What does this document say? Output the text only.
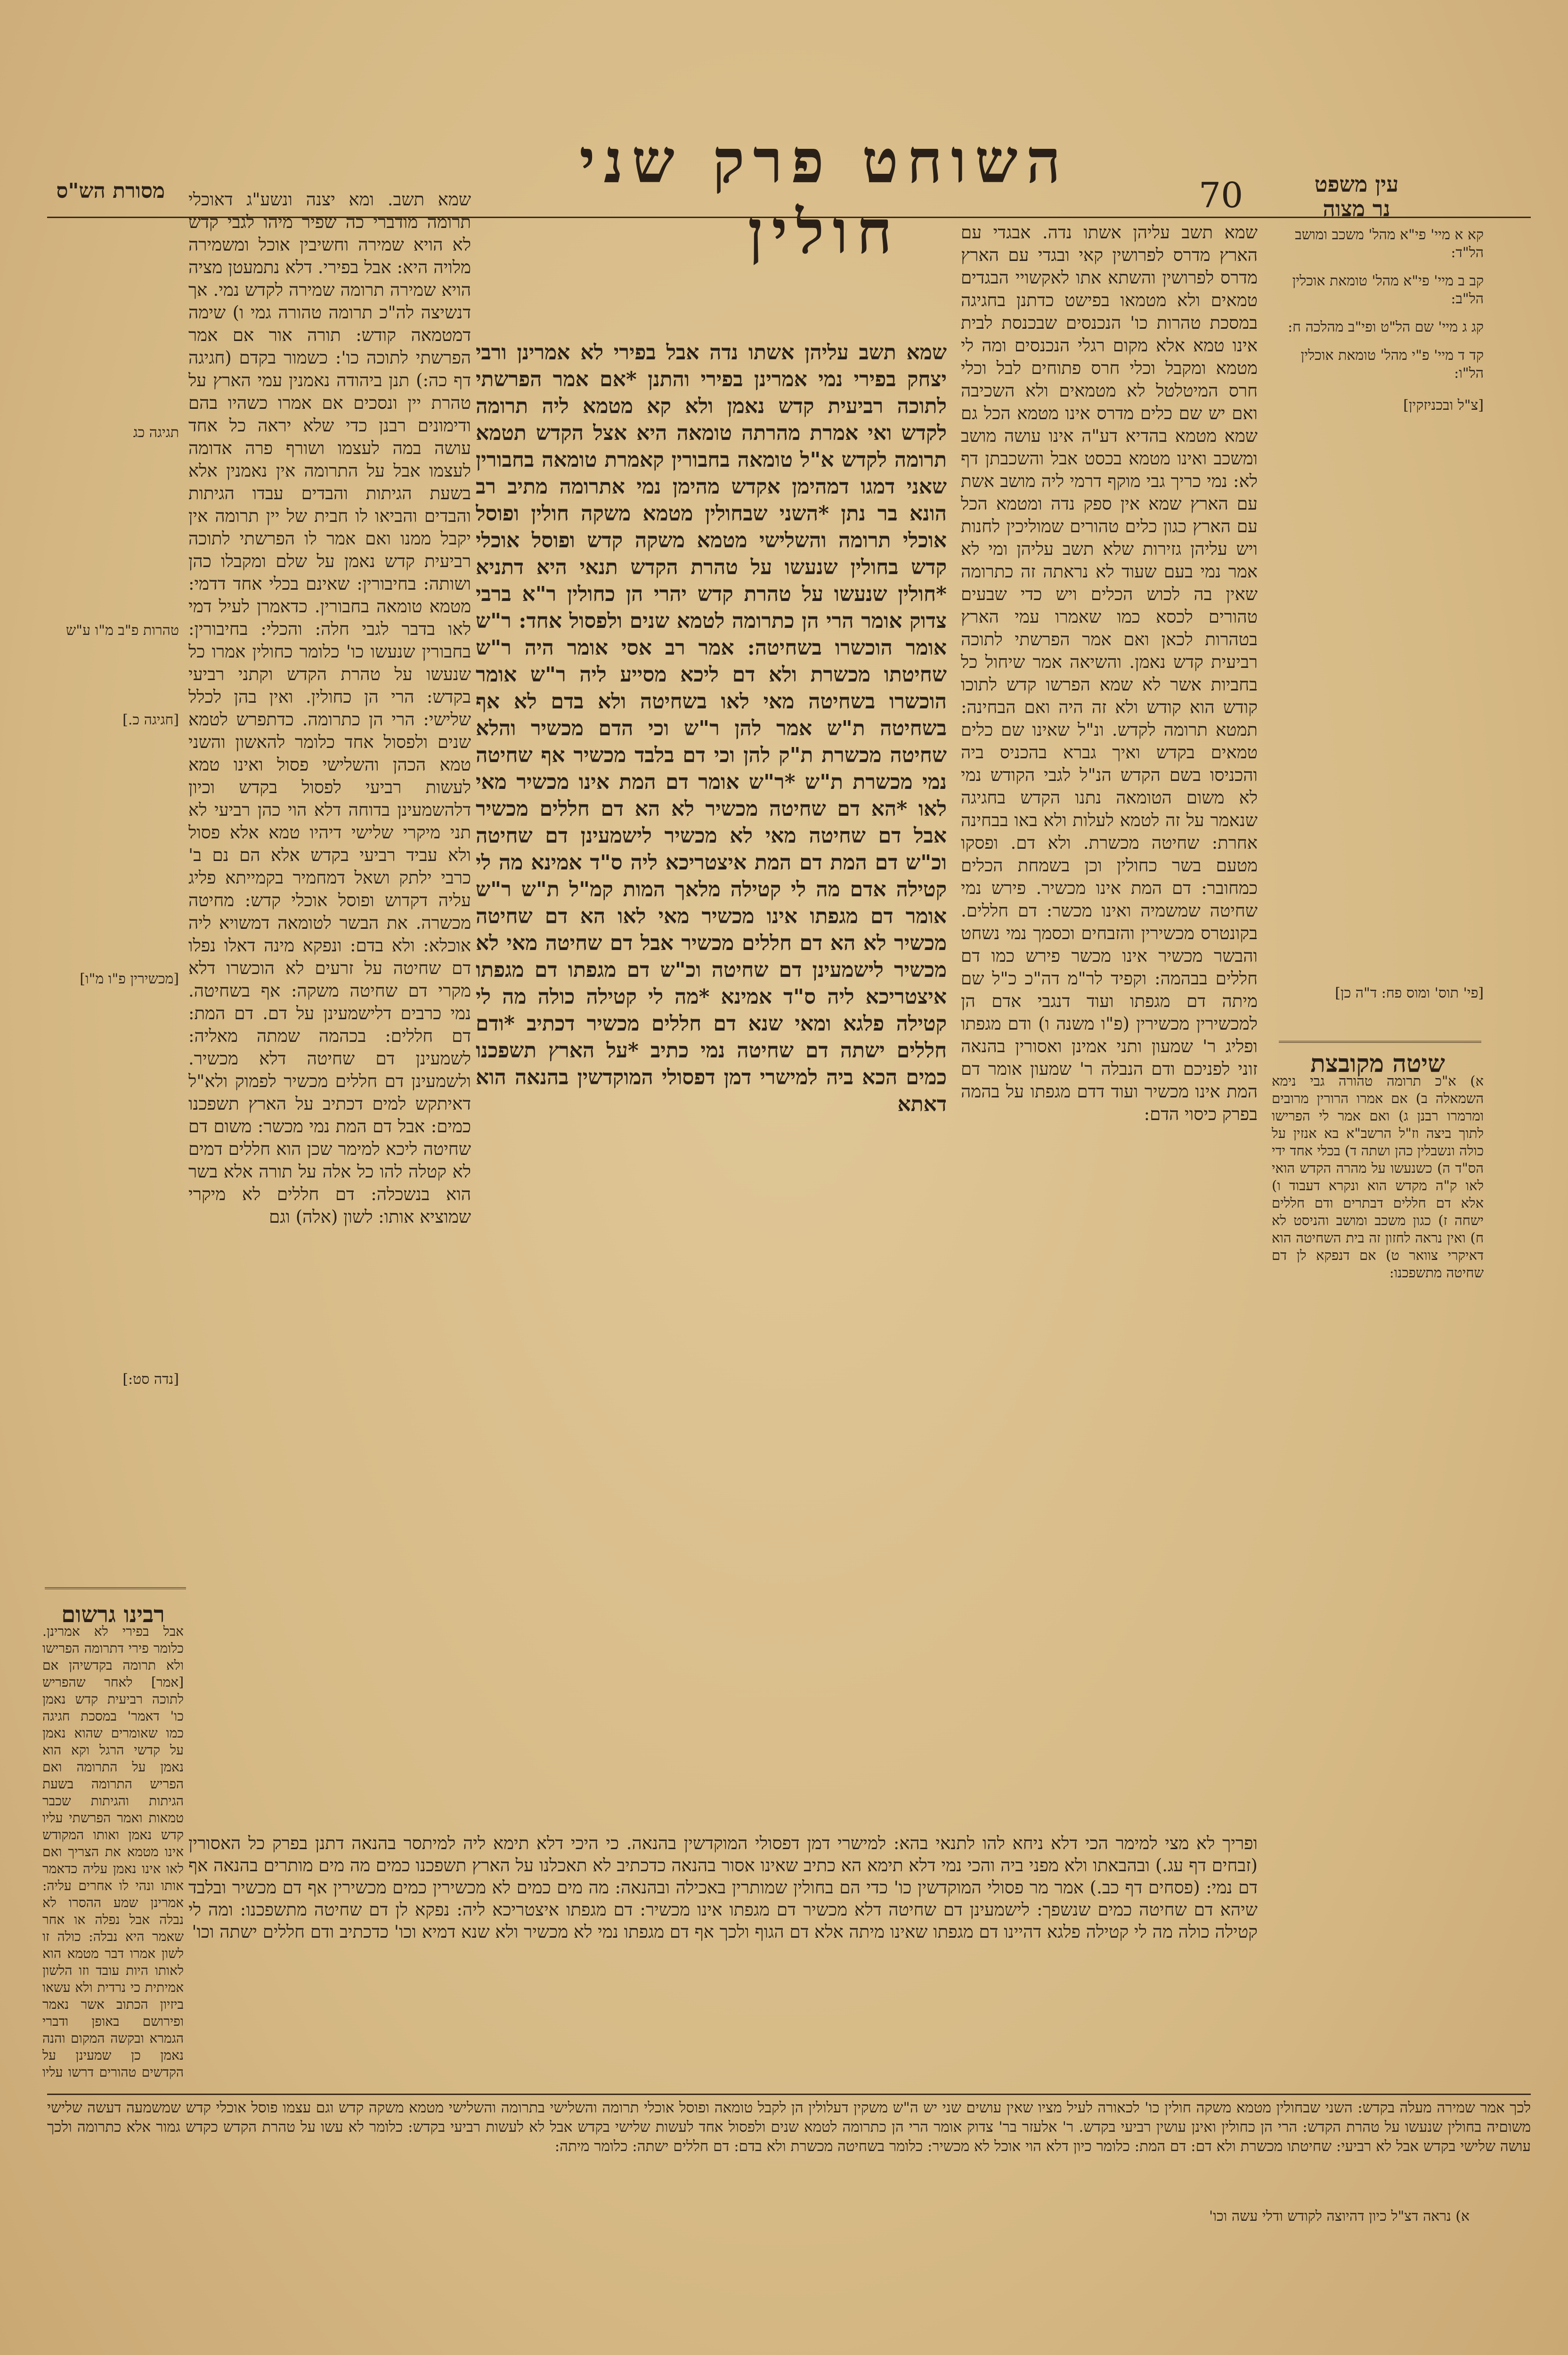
מסורת הש"ס	השוחט פרק שני חולין
70	עין משפט
נר מצוה
קא א מיי' פי"א מהל' משכב ומושב הל"ד:
קב ב מיי' פי"א מהל' טומאת אוכלין הל"ב:
קג ג מיי' שם הל"ט ופי"ב מהלכה ח:
קד ד מיי' פ"י מהל' טומאת אוכלין הל"ו:
[צ"ל ובכניזקין]
[פי' תוס' ומוס פח: ד"ה כן]
שיטה מקובצת
א) א"כ תרומה טהורה גבי נימא השמאלה ב) אם אמרו הרורין מרובים ומרמרו רבנן ג) ואם אמר לי הפרישו לתוך ביצה וז"ל הרשב"א בא אנזין על כולה ונשבלין כהן ושתה ד) בכלי אחד ידי הס"ד ה) כשנעשו על מהרה הקדש הואי לאו ק"ה מקדש הוא ונקרא דעבוד ו) אלא דם חללים דבתרים ודם חללים ישחה ז) כגון משכב ומושב והניסט לא ח) ואין נראה לחזון זה בית השחיטה הוא דאיקרי צוואר ט) אם דנפקא לן דם שחיטה מתשפכנו:
שמא תשב עליהן אשתו נדה. אבגדי עם הארץ מדרס לפרושין קאי ובגדי עם הארץ מדרס לפרושין והשתא אתו לאקשויי הבגדים טמאים ולא מטמאו בפישט כדתנן בחגיגה במסכת טהרות כו' הנכנסים שבכנסת לבית אינו טמא אלא מקום רגלי הנכנסים ומה לי מטמא ומקבל וכלי חרס פתוחים לבל וכלי חרס המיטלטל לא מטמאים ולא השכיבה ואם יש שם כלים מדרס אינו מטמא הכל גם שמא מטמא בהדיא דע"ה אינו עושה מושב ומשכב ואינו מטמא בכסט אבל והשכבתן דף לא: נמי כריך גבי מוקף דרמי ליה מושב אשת עם הארץ שמא אין ספק נדה ומטמא הכל עם הארץ כגון כלים טהורים שמוליכין לחנות ויש עליהן גזירות שלא תשב עליהן ומי לא אמר נמי בעם שעוד לא נראתה זה כתרומה שאין בה לכוש הכלים ויש כדי שבעים טהורים לכסא כמו שאמרו עמי הארץ בטהרות לכאן ואם אמר הפרשתי לתוכה רביעית קדש נאמן. והשיאה אמר שיחול כל בחביות אשר לא שמא הפרשו קדש לתוכו קודש הוא קודש ולא זה היה ואם הבחינה: תמטא תרומה לקדש. ונ"ל שאינו שם כלים טמאים בקדש ואיך גברא בהכניס ביה והכניסו בשם הקדש הנ"ל לגבי הקודש נמי לא משום הטומאה נתנו הקדש בחגיגה שנאמר על זה לטמא לעלות ולא באו בבחינה אחרת: שחיטה מכשרת. ולא דם. ופסקו מטעם בשר כחולין וכן בשמחת הכלים כמחובר: דם המת אינו מכשיר. פירש נמי שחיטה שמשמיה ואינו מכשר: דם חללים. בקונטרס מכשירין והזבחים וכסמך נמי נשחט והבשר מכשיר אינו מכשר פירש כמו דם חללים בבהמה: וקפיד לר"מ דה"כ כ"ל שם מיתה דם מגפתו ועוד דנגבי אדם הן למכשירין מכשירין (פ"ו משנה ו) ודם מגפתו ופליג ר' שמעון ותני אמינן ואסורין בהנאה זוני לפניכם ודם הנבלה ר' שמעון אומר דם המת אינו מכשיר ועוד דדם מגפתו על בהמה בפרק כיסוי הדם:
שמא תשב עליהן אשתו נדה אבל בפירי לא אמרינן ורבי יצחק בפירי נמי אמרינן בפירי והתנן *אם אמר הפרשתי לתוכה רביעית קדש נאמן ולא קא מטמא ליה תרומה לקדש ואי אמרת מהרתה טומאה היא אצל הקדש תטמא תרומה לקדש א"ל טומאה בחבורין קאמרת טומאה בחבורין שאני דמגו דמהימן אקדש מהימן נמי אתרומה מתיב רב הונא בר נתן *השני שבחולין מטמא משקה חולין ופוסל אוכלי תרומה והשלישי מטמא משקה קדש ופוסל אוכלי קדש בחולין שנעשו על טהרת הקדש תנאי היא דתניא *חולין שנעשו על טהרת קדש יהרי הן כחולין ר"א ברבי צדוק אומר הרי הן כתרומה לטמא שנים ולפסול אחד: ר"ש אומר הוכשרו בשחיטה: אמר רב אסי אומר היה ר"ש שחיטתו מכשרת ולא דם ליכא מסייע ליה ר"ש אומר הוכשרו בשחיטה מאי לאו בשחיטה ולא בדם לא אף בשחיטה ת"ש אמר להן ר"ש וכי הדם מכשיר והלא שחיטה מכשרת ת"ק להן וכי דם בלבד מכשיר אף שחיטה נמי מכשרת ת"ש *ר"ש אומר דם המת אינו מכשיר מאי לאו *הא דם שחיטה מכשיר לא הא דם חללים מכשיר אבל דם שחיטה מאי לא מכשיר לישמעינן דם שחיטה וכ"ש דם המת דם המת איצטריכא ליה ס"ד אמינא מה לי קטילה אדם מה לי קטילה מלאך המות קמ"ל ת"ש ר"ש אומר דם מגפתו אינו מכשיר מאי לאו הא דם שחיטה מכשיר לא הא דם חללים מכשיר אבל דם שחיטה מאי לא מכשיר לישמעינן דם שחיטה וכ"ש דם מגפתו דם מגפתו איצטריכא ליה ס"ד אמינא *מה לי קטילה כולה מה לי קטילה פלגא ומאי שנא דם חללים מכשיר דכתיב *ודם חללים ישתה דם שחיטה נמי כתיב *על הארץ תשפכנו כמים הכא ביה למישרי דמן דפסולי המוקדשין בהנאה הוא דאתא
שמא תשב. ומא יצנה ונשע"ג דאוכלי תרומה מודברי כה שפיר מיהו לגבי קדש לא הויא שמירה וחשיבין אוכל ומשמירה מלויה היא: אבל בפירי. דלא נתמעטן מציה הויא שמירה תרומה שמירה לקדש נמי. אך דנשיצה לה"כ תרומה טהורה גמי ו) שימה דמטמאה קודש: תורה אור אם אמר הפרשתי לתוכה כו': כשמור בקדם (חגיגה דף כה:) תנן ביהודה נאמנין עמי הארץ על טהרת יין ונסכים אם אמרו כשהיו בהם ודימונים רבנן כדי שלא יראה כל אחד עושה במה לעצמו ושורף פרה אדומה לעצמו אבל על התרומה אין נאמנין אלא בשעת הגיתות והבדים עבדו הגיתות והבדים והביאו לו חבית של יין תרומה אין יקבל ממנו ואם אמר לו הפרשתי לתוכה רביעית קדש נאמן על שלם ומקבלו כהן ושותה: בחיבורין: שאינם בכלי אחד דדמי: מטמא טומאה בחבורין. כדאמרן לעיל דמי לאו בדבר לגבי חלה: והכלי: בחיבורין: בחבורין שנעשו כו' כלומר כחולין אמרו כל שנעשו על טהרת הקדש וקתני רביעי בקדש: הרי הן כחולין. ואין בהן לכלל שלישי: הרי הן כתרומה. כדתפרש לטמא שנים ולפסול אחד כלומר להאשון והשני טמא הכהן והשלישי פסול ואינו טמא לעשות רביעי לפסול בקדש וכיון דלהשמעינן בדוחה דלא הוי כהן רביעי לא תני מיקרי שלישי דיהיו טמא אלא פסול ולא עביד רביעי בקדש אלא הם נם ב' כרבי ילתק ושאל דמחמיר בקמייתא פליג עליה דקדוש ופוסל אוכלי קדש: מחיטה מכשרה. את הבשר לטומאה דמשויא ליה אוכלא: ולא בדם: ונפקא מינה דאלו נפלו דם שחיטה על זרעים לא הוכשרו דלא מקרי דם שחיטה משקה: אף בשחיטה. נמי כרבים דלישמעינן על דם. דם המת: דם חללים: בכהמה שמתה מאליה: לשמעינן דם שחיטה דלא מכשיר. ולשמעינן דם חללים מכשיר לפמוק ולא"ל דאיתקש למים דכתיב על הארץ תשפכנו כמים: אבל דם המת נמי מכשר: משום דם שחיטה ליכא למימר שכן הוא חללים דמים לא קטלה להו כל אלה על תורה אלא בשר הוא בנשכלה: דם חללים לא מיקרי שמוציא אותו: לשון (אלה) וגם
תגיגה כג
טהרות פ"ב מ"ו ע"ש
[חגיגה כ.]
[מכשירין פ"ו מ"ו]
[נדה סט:]
רבינו גרשום
אבל בפירי לא אמרינן. כלומר פירי דתרומה הפרישו ולא תרומה בקדשיהן אם [אמר] לאחר שהפריש לתוכה רביעית קדש נאמן כו' דאמר' במסכת חגיגה כמו שאומרים שהוא נאמן על קדשי הרגל וקא הוא נאמן על התרומה ואם הפריש התרומה בשעת הגיתות והגיתות שכבר טמאות ואמר הפרשתי עליו קדש נאמן ואותו המקודש אינו מטמא את הצריך ואם לאו אינו נאמן עליה כדאמר אותו ונהי לו אחרים עליה: אמרינן שמע ההסרו לא נבלה אבל נפלה או אחר שאמר היא נבלה: כולה זו לשון אמרו דבר מטמא הוא לאותו היות עובד וזו הלשון אמיתית כי נרדית ולא עשאו ביזיון הכתוב אשר נאמר ופירושם באופן ודברי הגמרא ובקשה המקום והנה נאמן כן שמעינן על הקדשים טהורים דרשו עליו
ופריך לא מצי למימר הכי דלא ניחא להו לתנאי בהא: למישרי דמן דפסולי המוקדשין בהנאה. כי היכי דלא תימא ליה למיתסר בהנאה דתנן בפרק כל האסורין (זבחים דף עג.) ובהבאתו ולא מפני ביה והכי נמי דלא תימא הא כתיב שאינו אסור בהנאה כדכתיב לא תאכלנו על הארץ תשפכנו כמים מה מים מותרים בהנאה אף דם נמי: (פסחים דף כב.) אמר מר פסולי המוקדשין כו' כדי הם בחולין שמותרין באכילה ובהנאה: מה מים כמים לא מכשירין כמים מכשירין אף דם מכשיר ובלבד שיהא דם שחיטה כמים שנשפך: לישמעינן דם שחיטה דלא מכשיר דם מגפתו אינו מכשיר: דם מגפתו איצטריכא ליה: נפקא לן דם שחיטה מתשפכנו: ומה לי קטילה כולה מה לי קטילה פלגא דהיינו דם מגפתו שאינו מיתה אלא דם הגוף ולכך אף דם מגפתו נמי לא מכשיר ולא שנא דמיא וכו' כדכתיב ודם חללים ישתה וכו'
לכך אמר שמירה מעלה בקדש: השני שבחולין מטמא משקה חולין כו' לכאורה לעיל מציו שאין עושים שני יש ה"ש משקין דעלולין הן לקבל טומאה ופוסל אוכלי תרומה והשלישי בתרומה והשלישי מטמא משקה קדש וגם עצמו פוסל אוכלי קדש שמשמעה דעשה שלישי משוםיה בחולין שנעשו על טהרת הקדש: הרי הן כחולין ואינן עושין רביעי בקדש. ר' אלעזר בר' צדוק אומר הרי הן כתרומה לטמא שנים ולפסול אחד לעשות שלישי בקדש אבל לא לעשות רביעי בקדש: כלומר לא עשו על טהרת הקדש כקדש גמור אלא כתרומה ולכך עושה שלישי בקדש אבל לא רביעי: שחיטתו מכשרת ולא דם: דם המת: כלומר כיון דלא הוי אוכל לא מכשיר: כלומר בשחיטה מכשרת ולא בדם: דם חללים ישתה: כלומר מיתה:
א) נראה דצ"ל כיון דהיוצה לקודש ודלי עשה וכו'
